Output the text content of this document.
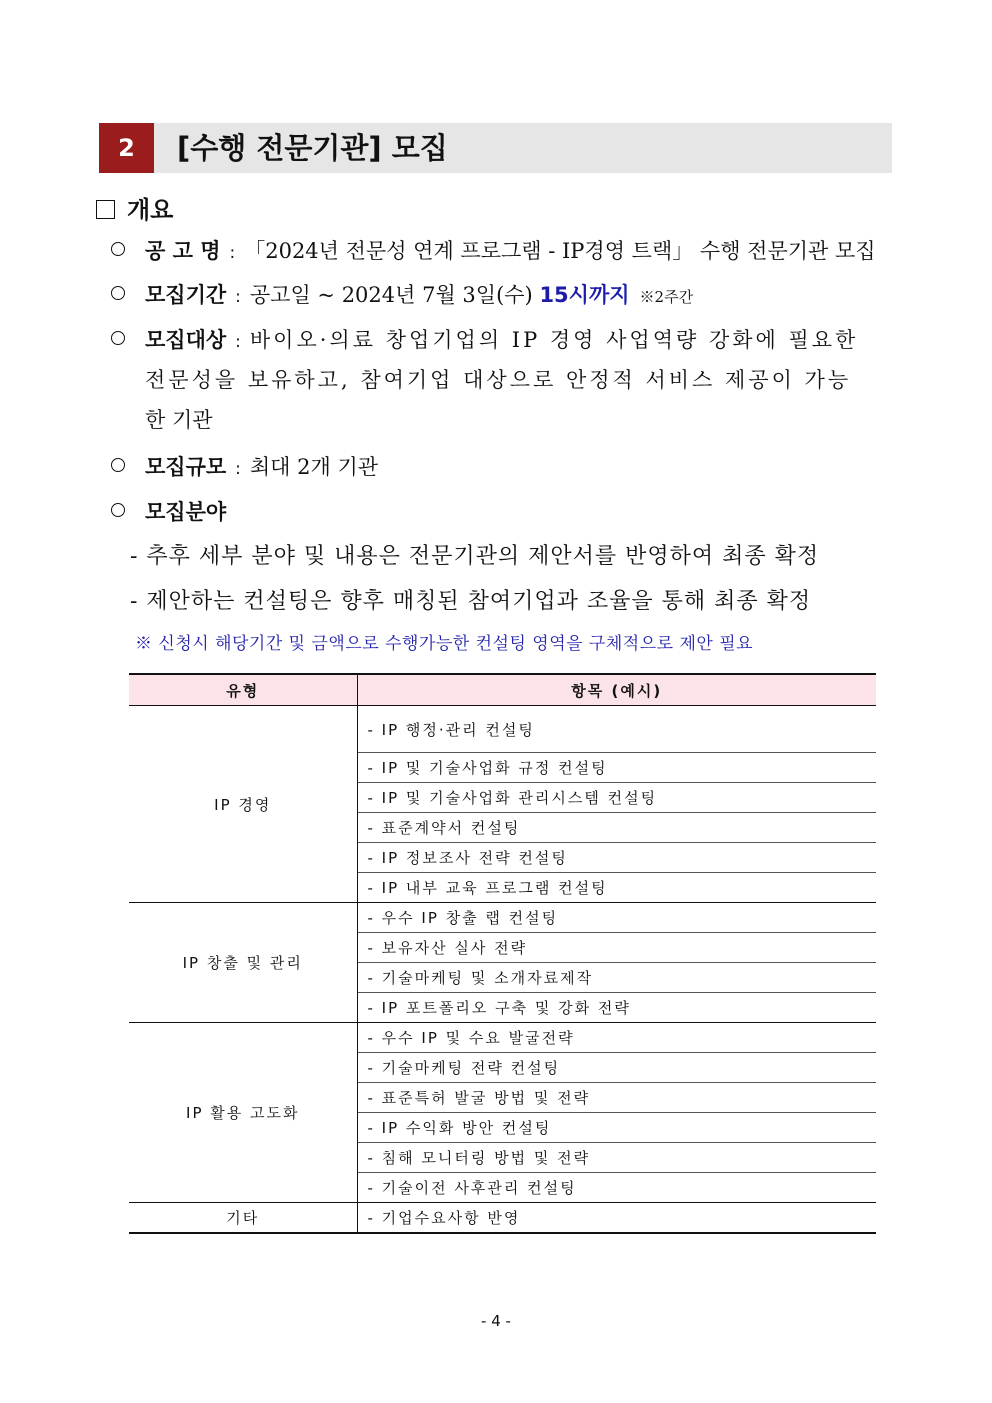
2	[수행 전문기관] 모집
개요
공 고 명 : 「2024년 전문성 연계 프로그램 - IP경영 트랙」 수행 전문기관 모집
모집기간 : 공고일 ~ 2024년 7월 3일(수) 15시까지 ※2주간
모집대상 : 바이오·의료 창업기업의 IP 경영 사업역량 강화에 필요한
전문성을 보유하고, 참여기업 대상으로 안정적 서비스 제공이 가능
한 기관
모집규모 : 최대 2개 기관
모집분야
- 추후 세부 분야 및 내용은 전문기관의 제안서를 반영하여 최종 확정
- 제안하는 컨설팅은 향후 매칭된 참여기업과 조율을 통해 최종 확정
※ 신청시 해당기간 및 금액으로 수행가능한 컨설팅 영역을 구체적으로 제안 필요
유형	항목 (예시)
IP 경영	- IP 행정·관리 컨설팅
	- IP 및 기술사업화 규정 컨설팅
	- IP 및 기술사업화 관리시스템 컨설팅
	- 표준계약서 컨설팅
	- IP 정보조사 전략 컨설팅
	- IP 내부 교육 프로그램 컨설팅
IP 창출 및 관리	- 우수 IP 창출 랩 컨설팅
	- 보유자산 실사 전략
	- 기술마케팅 및 소개자료제작
	- IP 포트폴리오 구축 및 강화 전략
IP 활용 고도화	- 우수 IP 및 수요 발굴전략
	- 기술마케팅 전략 컨설팅
	- 표준특허 발굴 방법 및 전략
	- IP 수익화 방안 컨설팅
	- 침해 모니터링 방법 및 전략
	- 기술이전 사후관리 컨설팅
기타	- 기업수요사항 반영
- 4 -
